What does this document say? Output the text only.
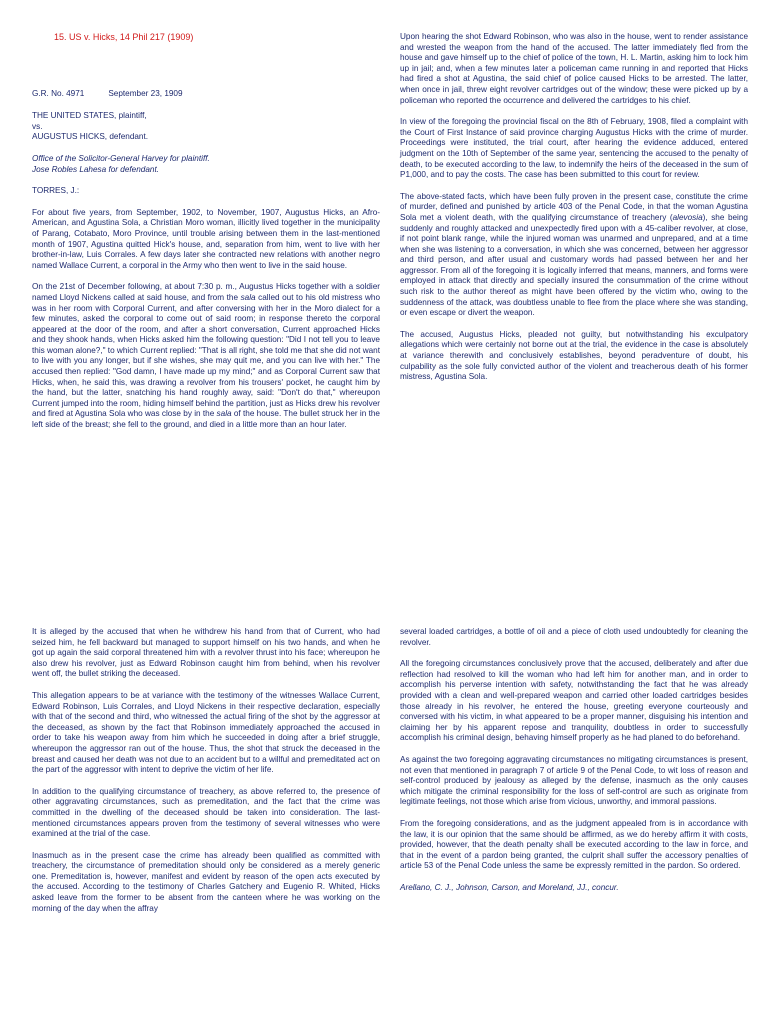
15. US v. Hicks, 14 Phil 217 (1909)

G.R. No. 4971	September 23, 1909

THE UNITED STATES, plaintiff,

vs.

AUGUSTUS HICKS, defendant.

Office of the Solicitor-General Harvey for plaintiff.

Jose Robles Lahesa for defendant.

TORRES, J.:

For about five years, from September, 1902, to November, 1907, Augustus Hicks, an Afro-American, and Agustina Sola, a Christian Moro woman, illicitly lived together in the municipality of Parang, Cotabato, Moro Province, until trouble arising between them in the last-mentioned month of 1907, Agustina quitted Hick's house, and, separation from him, went to live with her brother-in-law, Luis Corrales. A few days later she contracted new relations with another negro named Wallace Current, a corporal in the Army who then went to live in the said house.

On the 21st of December following, at about 7:30 p. m., Augustus Hicks together with a soldier named Lloyd Nickens called at said house, and from the sala called out to his old mistress who was in her room with Corporal Current, and after conversing with her in the Moro dialect for a few minutes, asked the corporal to come out of said room; in response thereto the corporal appeared at the door of the room, and after a short conversation, Current approached Hicks and they shook hands, when Hicks asked him the following question: "Did I not tell you to leave this woman alone?," to which Current replied: "That is all right, she told me that she did not want to live with you any longer, but if she wishes, she may quit me, and you can live with her." The accused then replied: "God damn, I have made up my mind;" and as Corporal Current saw that Hicks, when, he said this, was drawing a revolver from his trousers' pocket, he caught him by the hand, but the latter, snatching his hand roughly away, said: "Don't do that," whereupon Current jumped into the room, hiding himself behind the partition, just as Hicks drew his revolver and fired at Agustina Sola who was close by in the sala of the house. The bullet struck her in the left side of the breast; she fell to the ground, and died in a little more than an hour later.

Upon hearing the shot Edward Robinson, who was also in the house, went to render assistance and wrested the weapon from the hand of the accused. The latter immediately fled from the house and gave himself up to the chief of police of the town, H. L. Martin, asking him to lock him up in jail; and, when a few minutes later a policeman came running in and reported that Hicks had fired a shot at Agustina, the said chief of police caused Hicks to be arrested. The latter, when once in jail, threw eight revolver cartridges out of the window; these were picked up by a policeman who reported the occurrence and delivered the cartridges to his chief.

In view of the foregoing the provincial fiscal on the 8th of February, 1908, filed a complaint with the Court of First Instance of said province charging Augustus Hicks with the crime of murder. Proceedings were instituted, the trial court, after hearing the evidence adduced, entered judgment on the 10th of September of the same year, sentencing the accused to the penalty of death, to be executed according to the law, to indemnify the heirs of the deceased in the sum of P1,000, and to pay the costs. The case has been submitted to this court for review.

The above-stated facts, which have been fully proven in the present case, constitute the crime of murder, defined and punished by article 403 of the Penal Code, in that the woman Agustina Sola met a violent death, with the qualifying circumstance of treachery (alevosia), she being suddenly and roughly attacked and unexpectedly fired upon with a 45-caliber revolver, at close, if not point blank range, while the injured woman was unarmed and unprepared, and at a time when she was listening to a conversation, in which she was concerned, between her aggressor and third person, and after usual and customary words had passed between her and her aggressor. From all of the foregoing it is logically inferred that means, manners, and forms were employed in attack that directly and specially insured the consummation of the crime without such risk to the author thereof as might have been offered by the victim who, owing to the suddenness of the attack, was doubtless unable to flee from the place where she was standing, or even escape or divert the weapon.

The accused, Augustus Hicks, pleaded not guilty, but notwithstanding his exculpatory allegations which were certainly not borne out at the trial, the evidence in the case is absolutely at variance therewith and conclusively establishes, beyond peradventure of doubt, his culpability as the sole fully convicted author of the violent and treacherous death of his former mistress, Agustina Sola.

It is alleged by the accused that when he withdrew his hand from that of Current, who had seized him, he fell backward but managed to support himself on his two hands, and when he got up again the said corporal threatened him with a revolver thrust into his face; whereupon he also drew his revolver, just as Edward Robinson caught him from behind, when his revolver went off, the bullet striking the deceased.

This allegation appears to be at variance with the testimony of the witnesses Wallace Current, Edward Robinson, Luis Corrales, and Lloyd Nickens in their respective declaration, especially with that of the second and third, who witnessed the actual firing of the shot by the aggressor at the deceased, as shown by the fact that Robinson immediately approached the accused in order to take his weapon away from him which he succeeded in doing after a brief struggle, whereupon the aggressor ran out of the house. Thus, the shot that struck the deceased in the breast and caused her death was not due to an accident but to a willful and premeditated act on the part of the aggressor with intent to deprive the victim of her life.

In addition to the qualifying circumstance of treachery, as above referred to, the presence of other aggravating circumstances, such as premeditation, and the fact that the crime was committed in the dwelling of the deceased should be taken into consideration. The last-mentioned circumstances appears proven from the testimony of several witnesses who were examined at the trial of the case.

Inasmuch as in the present case the crime has already been qualified as committed with treachery, the circumstance of premeditation should only be considered as a merely generic one. Premeditation is, however, manifest and evident by reason of the open acts executed by the accused. According to the testimony of Charles Gatchery and Eugenio R. Whited, Hicks asked leave from the former to be absent from the canteen where he was working on the morning of the day when the affray

several loaded cartridges, a bottle of oil and a piece of cloth used undoubtedly for cleaning the revolver.

All the foregoing circumstances conclusively prove that the accused, deliberately and after due reflection had resolved to kill the woman who had left him for another man, and in order to accomplish his perverse intention with safety, notwithstanding the fact that he was already provided with a clean and well-prepared weapon and carried other loaded cartridges besides those already in his revolver, he entered the house, greeting everyone courteously and conversed with his victim, in what appeared to be a proper manner, disguising his intention and claiming her by his apparent repose and tranquility, doubtless in order to successfully accomplish his criminal design, behaving himself properly as he had planed to do beforehand.

As against the two foregoing aggravating circumstances no mitigating circumstances is present, not even that mentioned in paragraph 7 of article 9 of the Penal Code, to wit loss of reason and self-control produced by jealousy as alleged by the defense, inasmuch as the only causes which mitigate the criminal responsibility for the loss of self-control are such as originate from legitimate feelings, not those which arise from vicious, unworthy, and immoral passions.

From the foregoing considerations, and as the judgment appealed from is in accordance with the law, it is our opinion that the same should be affirmed, as we do hereby affirm it with costs, provided, however, that the death penalty shall be executed according to the law in force, and that in the event of a pardon being granted, the culprit shall suffer the accessory penalties of article 53 of the Penal Code unless the same be expressly remitted in the pardon. So ordered.

Arellano, C. J., Johnson, Carson, and Moreland, JJ., concur.
